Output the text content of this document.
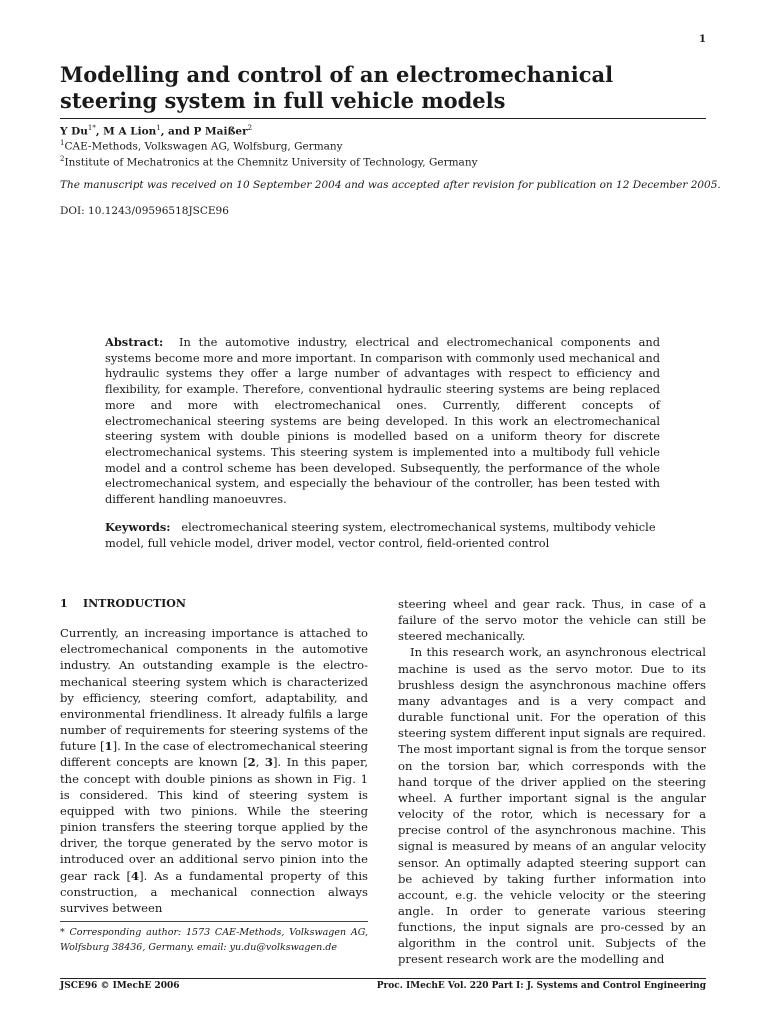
1
Modelling and control of an electromechanical steering system in full vehicle models
Y $Du^{1*}$, M A Lion$^1$, and P Maißer$^2$
$^1$CAE-Methods, Volkswagen AG, Wolfsburg, Germany
$^2$Institute of Mechatronics at the Chemnitz University of Technology, Germany
The manuscript was received on 10 September 2004 and was accepted after revision for publication on 12 December 2005.
DOI: 10.1243/09596518JSCE96

Abstract: In the automotive industry, electrical and electromechanical components and systems become more and more important. In comparison with commonly used mechanical and hydraulic systems they offer a large number of advantages with respect to efficiency and flexibility, for example. Therefore, conventional hydraulic steering systems are being replaced more and more with electromechanical ones. Currently, different concepts of electromechanical steering systems are being developed. In this work an electromechanical steering system with double pinions is modelled based on a uniform theory for discrete electromechanical systems. This steering system is implemented into a multibody full vehicle model and a control scheme has been developed. Subsequently, the performance of the whole electromechanical system, and especially the behaviour of the controller, has been tested with different handling manoeuvres.

Keywords: electromechanical steering system, electromechanical systems, multibody vehicle model, full vehicle model, driver model, vector control, field-oriented control

1 INTRODUCTION

Currently, an increasing importance is attached to electromechanical components in the automotive industry. An outstanding example is the electro-mechanical steering system which is characterized by efficiency, steering comfort, adaptability, and environmental friendliness. It already fulfils a large number of requirements for steering systems of the future [1]. In the case of electromechanical steering different concepts are known [2, 3]. In this paper, the concept with double pinions as shown in Fig. 1 is considered. This kind of steering system is equipped with two pinions. While the steering pinion transfers the steering torque applied by the driver, the torque generated by the servo motor is introduced over an additional servo pinion into the gear rack [4]. As a fundamental property of this construction, a mechanical connection always survives between

steering wheel and gear rack. Thus, in case of a failure of the servo motor the vehicle can still be steered mechanically.

In this research work, an asynchronous electrical machine is used as the servo motor. Due to its brushless design the asynchronous machine offers many advantages and is a very compact and durable functional unit. For the operation of this steering system different input signals are required. The most important signal is from the torque sensor on the torsion bar, which corresponds with the hand torque of the driver applied on the steering wheel. A further important signal is the angular velocity of the rotor, which is necessary for a precise control of the asynchronous machine. This signal is measured by means of an angular velocity sensor. An optimally adapted steering support can be achieved by taking further information into account, e.g. the vehicle velocity or the steering angle. In order to generate various steering functions, the input signals are pro-cessed by an algorithm in the control unit. Subjects of the present research work are the modelling and

* Corresponding author: 1573 CAE-Methods, Volkswagen AG, Wolfsburg 38436, Germany. email: yu.du@volkswagen.de
JSCE96 © IMechE 2006	Proc. IMechE Vol. 220 Part I: J. Systems and Control Engineering
